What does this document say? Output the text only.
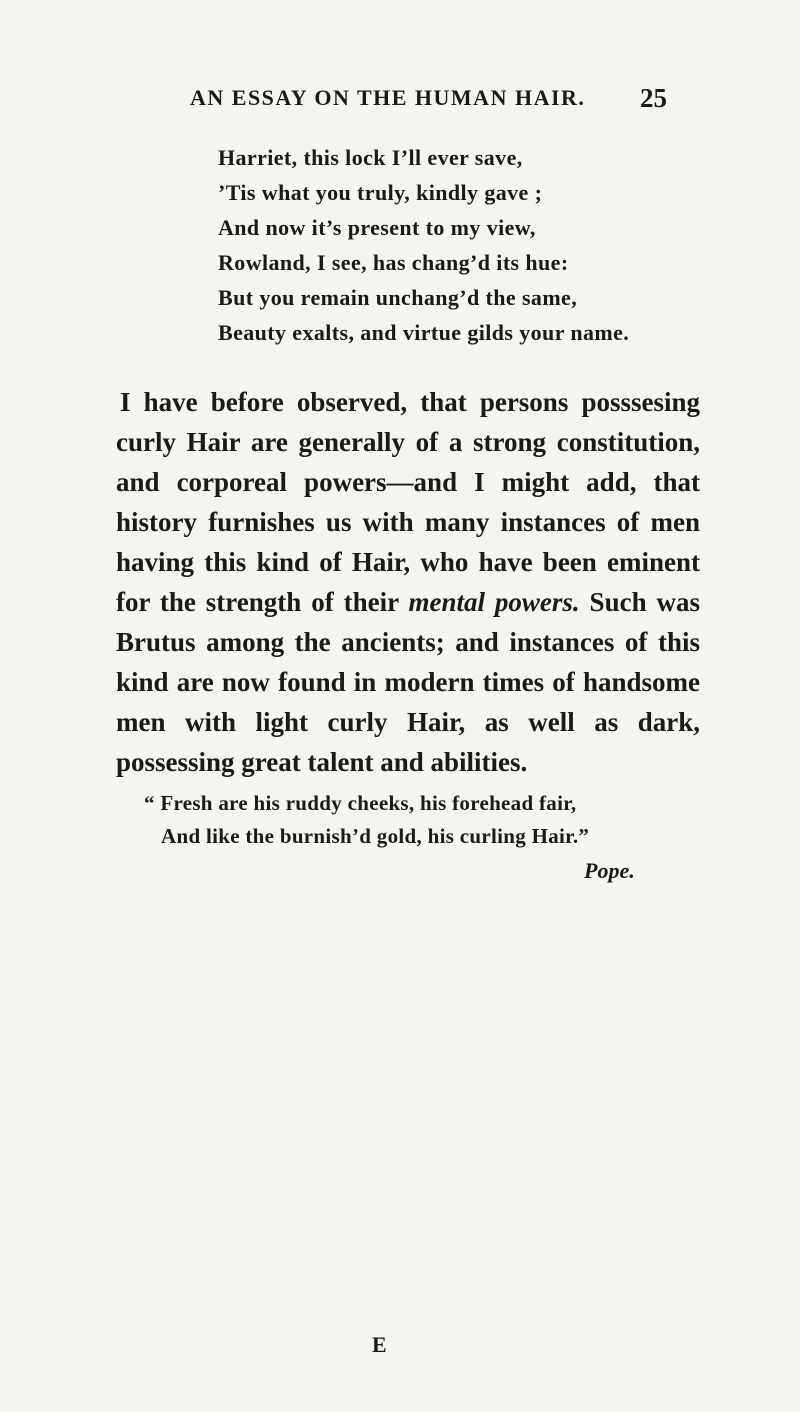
AN ESSAY ON THE HUMAN HAIR. 25
Harriet, this lock I’ll ever save,
’Tis what you truly, kindly gave ;
And now it’s present to my view,
Rowland, I see, has chang’d its hue:
But you remain unchang’d the same,
Beauty exalts, and virtue gilds your name.

I have before observed, that persons posssesing curly Hair are generally of a strong constitution, and corporeal powers—and I might add, that history furnishes us with many instances of men having this kind of Hair, who have been eminent for the strength of their mental powers. Such was Brutus among the ancients; and instances of this kind are now found in modern times of handsome men with light curly Hair, as well as dark, possessing great talent and abilities.

“ Fresh are his ruddy cheeks, his forehead fair,
And like the burnish’d gold, his curling Hair.”
Pope.
E
